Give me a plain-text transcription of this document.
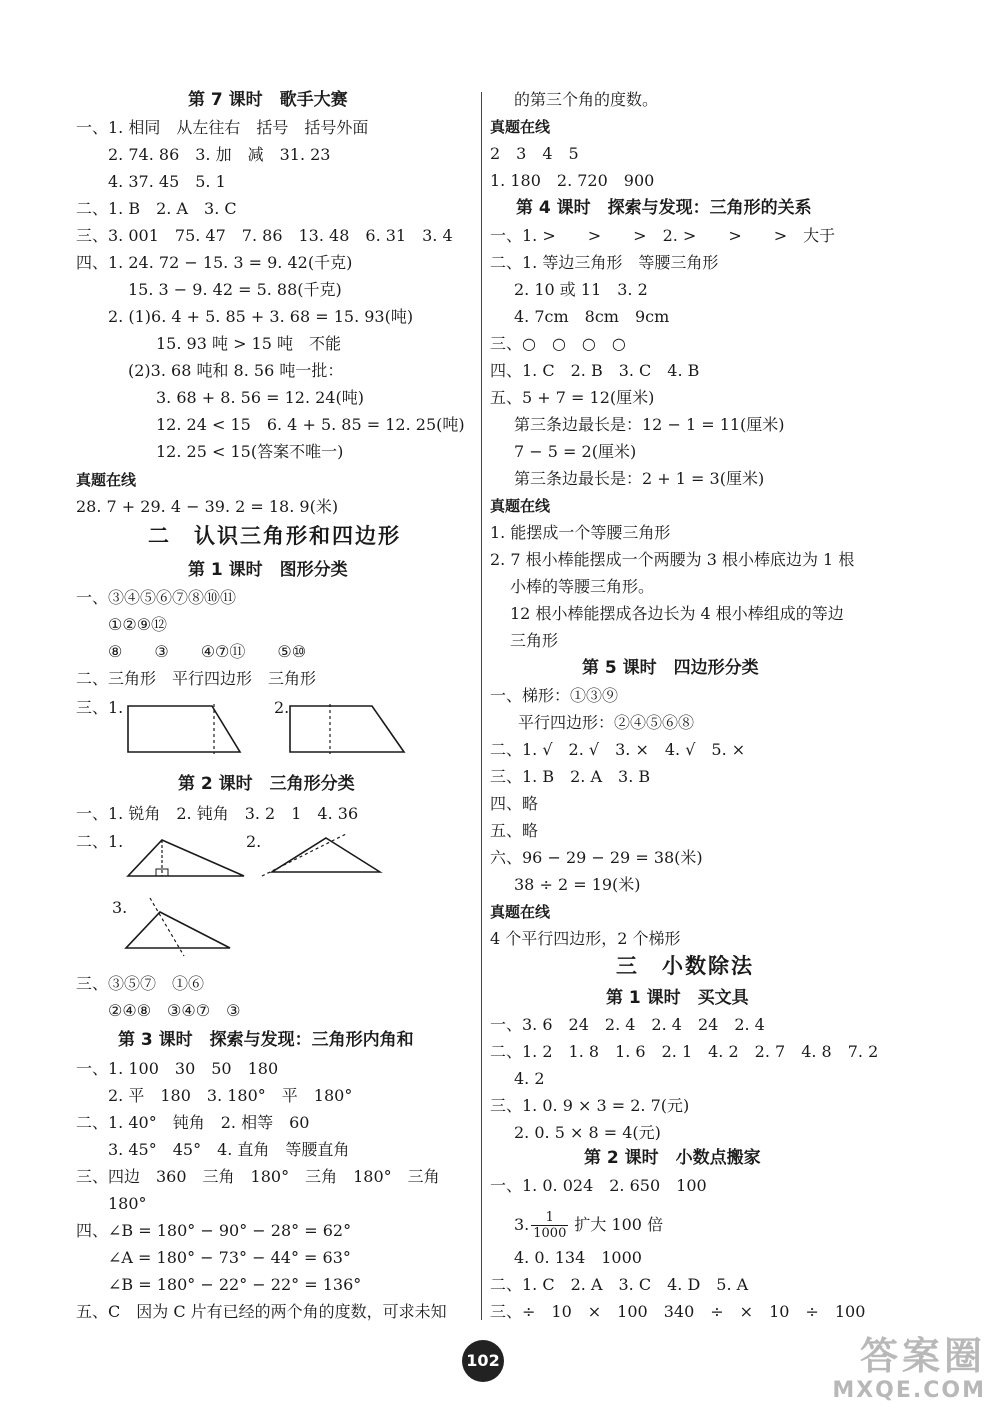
第 7 课时　歌手大赛
一、1. 相同　从左往右　括号　括号外面
2. 74. 86　3. 加　减　31. 23
4. 37. 45　5. 1
二、1. B　2. A　3. C
三、3. 001　75. 47　7. 86　13. 48　6. 31　3. 4
四、1. 24. 72 − 15. 3 = 9. 42(千克)
15. 3 − 9. 42 = 5. 88(千克)
2. (1)6. 4 + 5. 85 + 3. 68 = 15. 93(吨)
15. 93 吨 > 15 吨　不能
(2)3. 68 吨和 8. 56 吨一批：
3. 68 + 8. 56 = 12. 24(吨)
12. 24 < 15　6. 4 + 5. 85 = 12. 25(吨)
12. 25 < 15(答案不唯一)
真题在线
28. 7 + 29. 4 − 39. 2 = 18. 9(米)
二　认识三角形和四边形
第 1 课时　图形分类
一、③④⑤⑥⑦⑧⑩⑪
①②⑨⑫
⑧　　③　　④⑦⑪　　⑤⑩
二、三角形　平行四边形　三角形
三、1.	2.
第 2 课时　三角形分类
一、1. 锐角　2. 钝角　3. 2　1　4. 36
二、1.	2.
3.
三、③⑤⑦　①⑥
②④⑧　③④⑦　③
第 3 课时　探索与发现：三角形内角和
一、1. 100　30　50　180
2. 平　180　3. 180°　平　180°
二、1. 40°　钝角　2. 相等　60
3. 45°　45°　4. 直角　等腰直角
三、四边　360　三角　180°　三角　180°　三角
180°
四、∠B = 180° − 90° − 28° = 62°
∠A = 180° − 73° − 44° = 63°
∠B = 180° − 22° − 22° = 136°
五、C　因为 C 片有已经的两个角的度数，可求未知
的第三个角的度数。
真题在线
2　3　4　5
1. 180　2. 720　900
第 4 课时　探索与发现：三角形的关系
一、1. >　　>　　>　2. >　　>　　>　大于
二、1. 等边三角形　等腰三角形
2. 10 或 11　3. 2
4. 7cm　8cm　9cm
三、○　○　○　○
四、1. C　2. B　3. C　4. B
五、5 + 7 = 12(厘米)
第三条边最长是：12 − 1 = 11(厘米)
7 − 5 = 2(厘米)
第三条边最长是：2 + 1 = 3(厘米)
真题在线
1. 能摆成一个等腰三角形
2. 7 根小棒能摆成一个两腰为 3 根小棒底边为 1 根
小棒的等腰三角形。
12 根小棒能摆成各边长为 4 根小棒组成的等边
三角形
第 5 课时　四边形分类
一、梯形：①③⑨
平行四边形：②④⑤⑥⑧
二、1. √　2. √　3. ×　4. √　5. ×
三、1. B　2. A　3. B
四、略
五、略
六、96 − 29 − 29 = 38(米)
38 ÷ 2 = 19(米)
真题在线
4 个平行四边形，2 个梯形
三　小数除法
第 1 课时　买文具
一、3. 6　24　2. 4　2. 4　24　2. 4
二、1. 2　1. 8　1. 6　2. 1　4. 2　2. 7　4. 8　7. 2
4. 2
三、1. 0. 9 × 3 = 2. 7(元)
2. 0. 5 × 8 = 4(元)
第 2 课时　小数点搬家
一、1. 0. 024　2. 650　100
3. $\frac{1}{1000}$ 扩大 100 倍
4. 0. 134　1000
二、1. C　2. A　3. C　4. D　5. A
三、÷　10　×　100　340　÷　×　10　÷　100
102	答案圈
MXQE.COM
